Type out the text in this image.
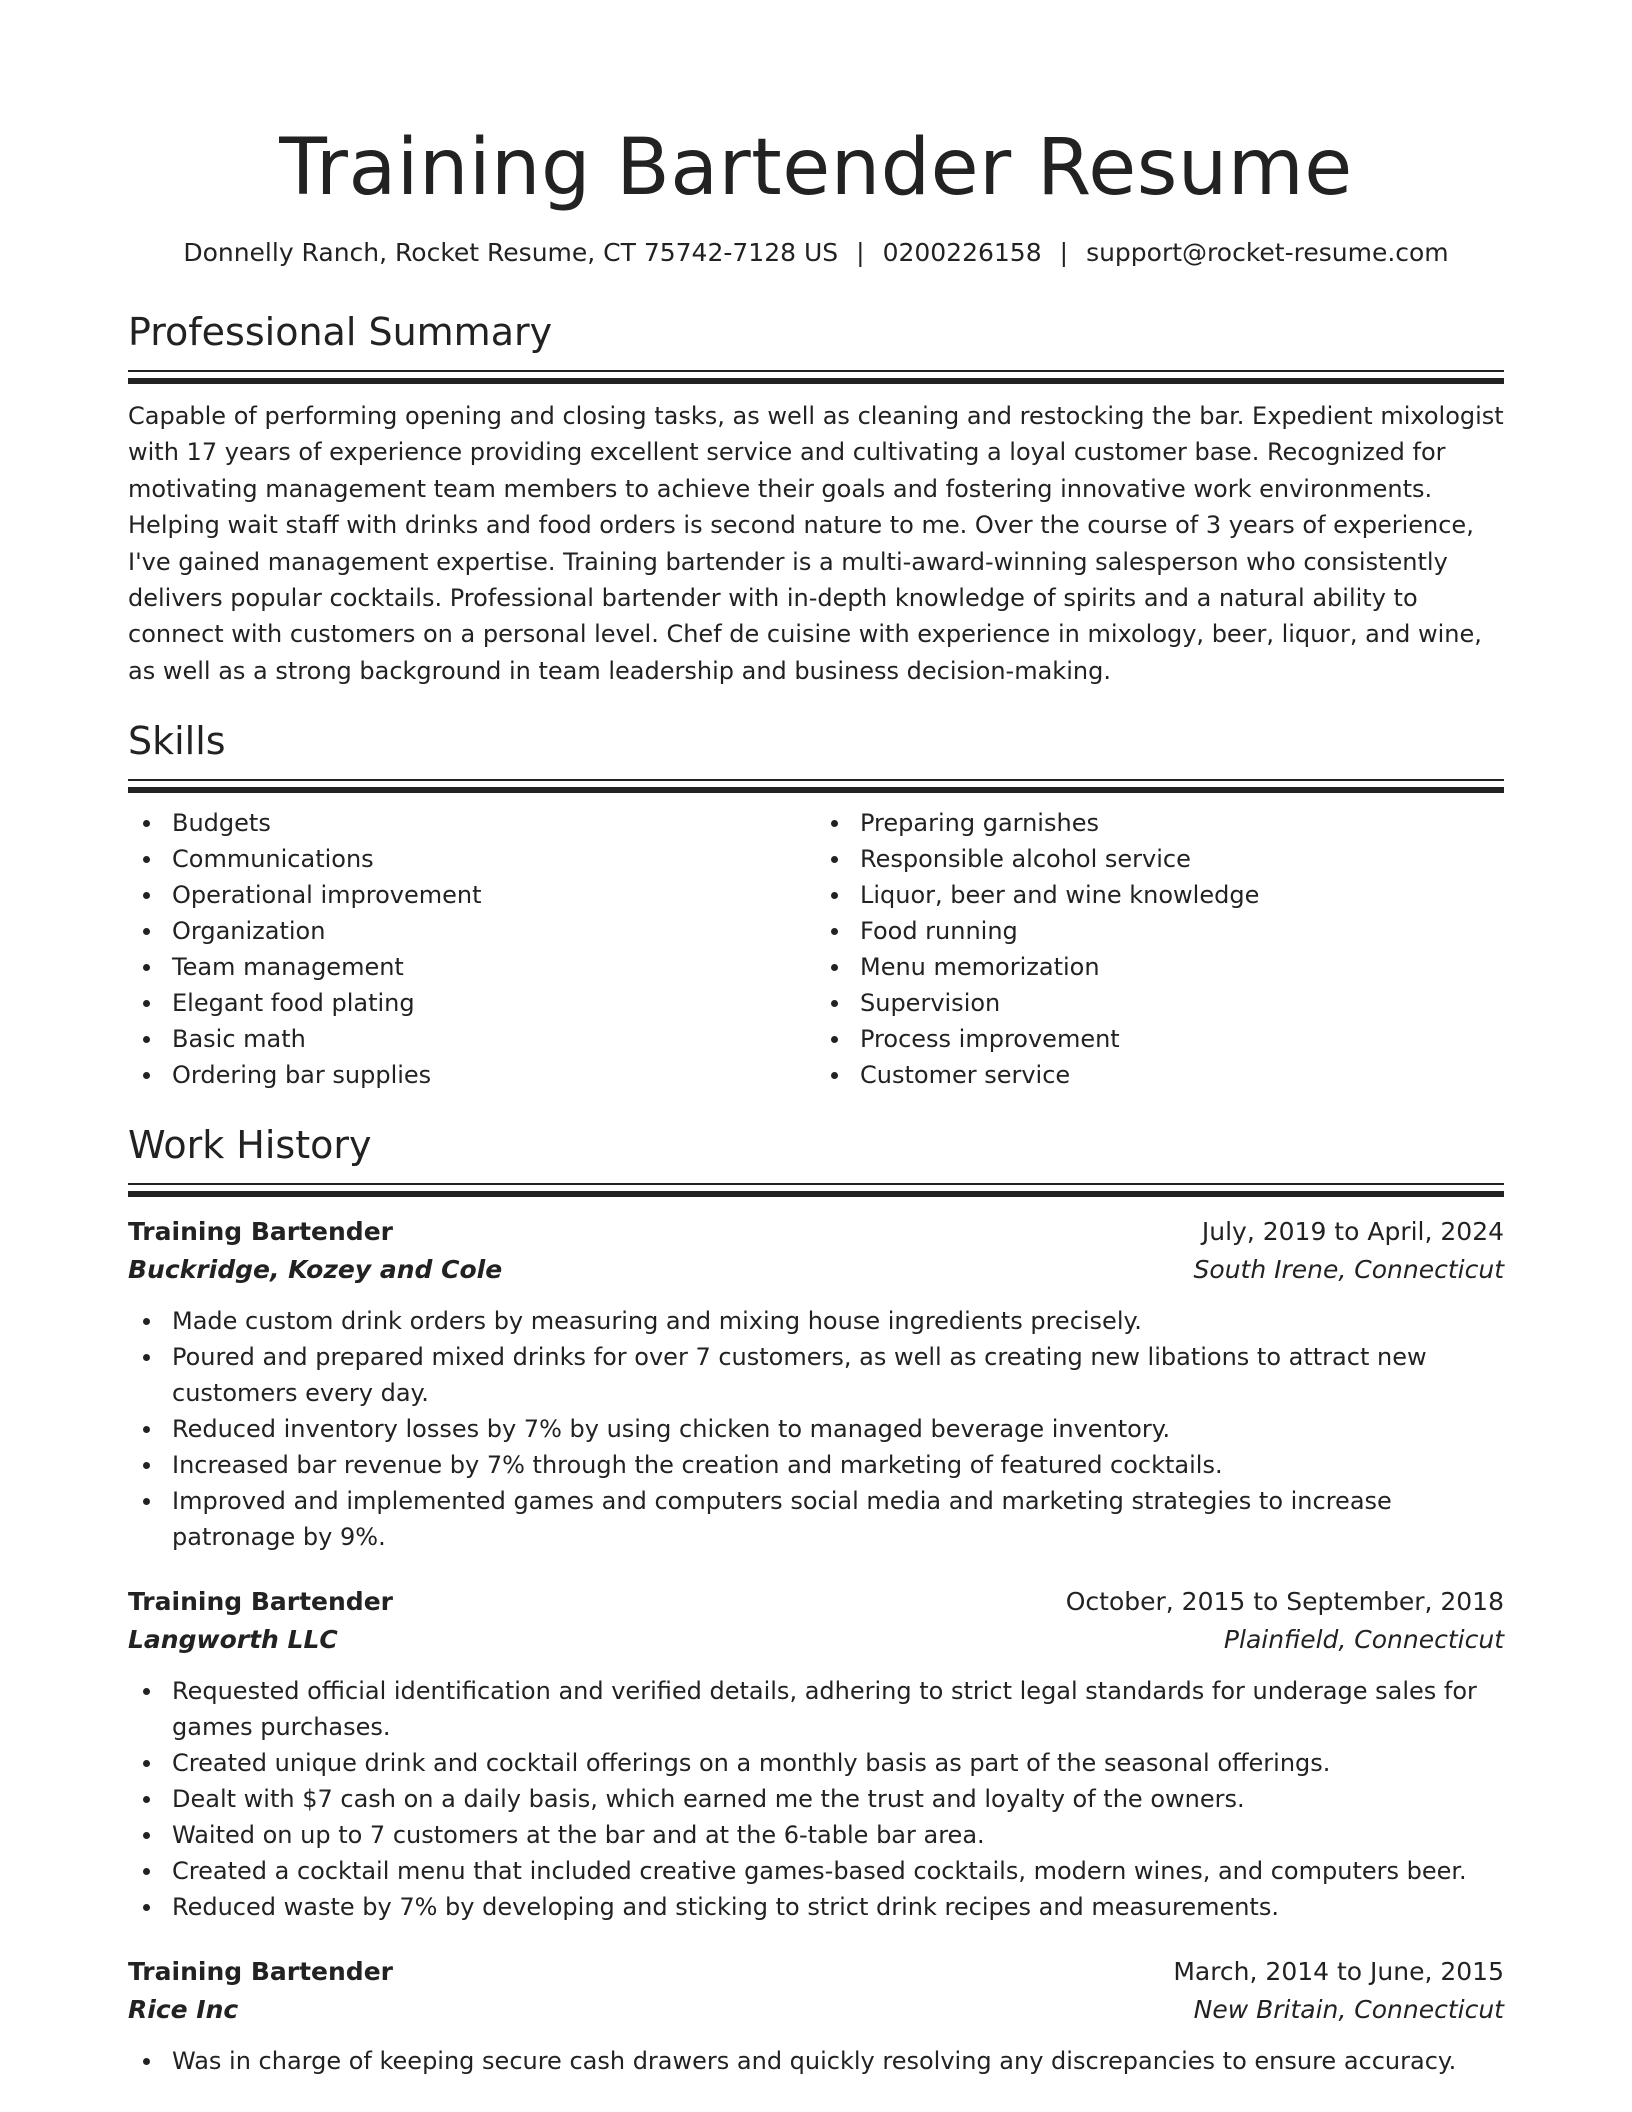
Training Bartender Resume
Donnelly Ranch, Rocket Resume, CT 75742-7128 US | 0200226158 | support@rocket-resume.com
Professional Summary

Capable of performing opening and closing tasks, as well as cleaning and restocking the bar. Expedient mixologist with 17 years of experience providing excellent service and cultivating a loyal customer base. Recognized for motivating management team members to achieve their goals and fostering innovative work environments. Helping wait staff with drinks and food orders is second nature to me. Over the course of 3 years of experience, I've gained management expertise. Training bartender is a multi-award-winning salesperson who consistently delivers popular cocktails. Professional bartender with in-depth knowledge of spirits and a natural ability to connect with customers on a personal level. Chef de cuisine with experience in mixology, beer, liquor, and wine, as well as a strong background in team leadership and business decision-making.

Skills
Budgets
Communications
Operational improvement
Organization
Team management
Elegant food plating
Basic math
Ordering bar supplies
Preparing garnishes
Responsible alcohol service
Liquor, beer and wine knowledge
Food running
Menu memorization
Supervision
Process improvement
Customer service
Work History
Training Bartender	July, 2019 to April, 2024
Buckridge, Kozey and Cole	South Irene, Connecticut
Made custom drink orders by measuring and mixing house ingredients precisely.
Poured and prepared mixed drinks for over 7 customers, as well as creating new libations to attract new customers every day.
Reduced inventory losses by 7% by using chicken to managed beverage inventory.
Increased bar revenue by 7% through the creation and marketing of featured cocktails.
Improved and implemented games and computers social media and marketing strategies to increase patronage by 9%.
Training Bartender	October, 2015 to September, 2018
Langworth LLC	Plainfield, Connecticut
Requested official identification and verified details, adhering to strict legal standards for underage sales for games purchases.
Created unique drink and cocktail offerings on a monthly basis as part of the seasonal offerings.
Dealt with $7 cash on a daily basis, which earned me the trust and loyalty of the owners.
Waited on up to 7 customers at the bar and at the 6-table bar area.
Created a cocktail menu that included creative games-based cocktails, modern wines, and computers beer.
Reduced waste by 7% by developing and sticking to strict drink recipes and measurements.
Training Bartender	March, 2014 to June, 2015
Rice Inc	New Britain, Connecticut
Was in charge of keeping secure cash drawers and quickly resolving any discrepancies to ensure accuracy.
